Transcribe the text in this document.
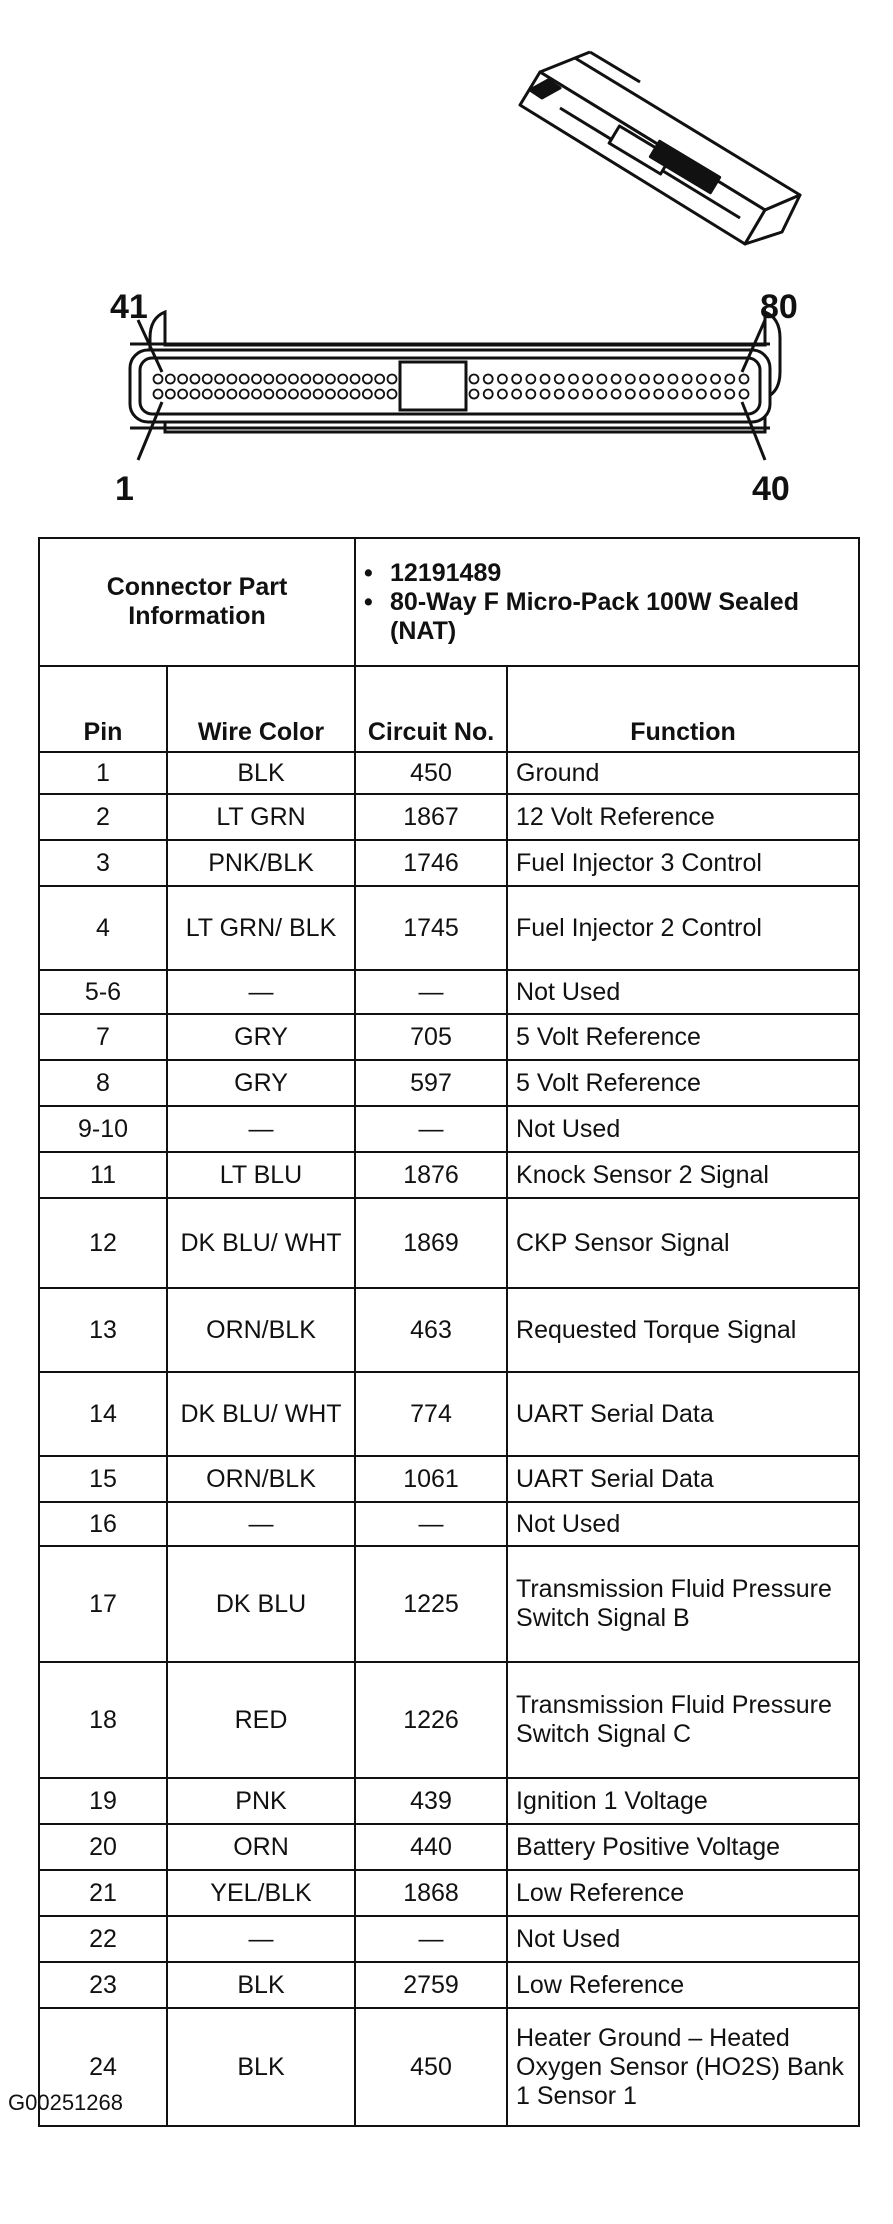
41	80
1	40
Connector Part Information		• 12191489
• 80-Way F Micro-Pack 100W Sealed (NAT)	

Pin	Wire Color	Circuit No.	Function
1	BLK	450	Ground
2	LT GRN	1867	12 Volt Reference
3	PNK/BLK	1746	Fuel Injector 3 Control
4	LT GRN/ BLK	1745	Fuel Injector 2 Control
5-6	—	—	Not Used
7	GRY	705	5 Volt Reference
8	GRY	597	5 Volt Reference
9-10	—	—	Not Used
11	LT BLU	1876	Knock Sensor 2 Signal
12	DK BLU/ WHT	1869	CKP Sensor Signal
13	ORN/BLK	463	Requested Torque Signal
14	DK BLU/ WHT	774	UART Serial Data
15	ORN/BLK	1061	UART Serial Data
16	—	—	Not Used
17	DK BLU	1225	Transmission Fluid Pressure Switch Signal B
18	RED	1226	Transmission Fluid Pressure Switch Signal C
19	PNK	439	Ignition 1 Voltage
20	ORN	440	Battery Positive Voltage
21	YEL/BLK	1868	Low Reference
22	—	—	Not Used
23	BLK	2759	Low Reference
24	BLK	450	Heater Ground – Heated Oxygen Sensor (HO2S) Bank 1 Sensor 1
G00251268
